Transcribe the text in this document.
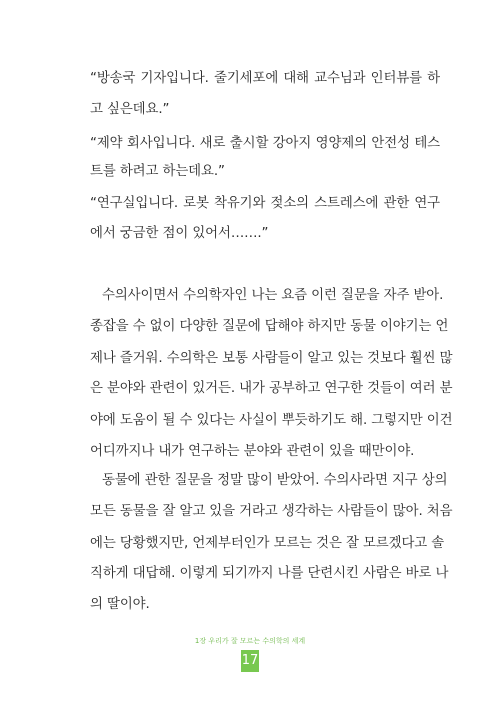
“방송국 기자입니다. 줄기세포에 대해 교수님과 인터뷰를 하
고 싶은데요.”
“제약 회사입니다. 새로 출시할 강아지 영양제의 안전성 테스
트를 하려고 하는데요.”
“연구실입니다. 로봇 착유기와 젖소의 스트레스에 관한 연구
에서 궁금한 점이 있어서…….”
수의사이면서 수의학자인 나는 요즘 이런 질문을 자주 받아.
종잡을 수 없이 다양한 질문에 답해야 하지만 동물 이야기는 언
제나 즐거워. 수의학은 보통 사람들이 알고 있는 것보다 훨씬 많
은 분야와 관련이 있거든. 내가 공부하고 연구한 것들이 여러 분
야에 도움이 될 수 있다는 사실이 뿌듯하기도 해. 그렇지만 이건
어디까지나 내가 연구하는 분야와 관련이 있을 때만이야.
동물에 관한 질문을 정말 많이 받았어. 수의사라면 지구 상의
모든 동물을 잘 알고 있을 거라고 생각하는 사람들이 많아. 처음
에는 당황했지만, 언제부터인가 모르는 것은 잘 모르겠다고 솔
직하게 대답해. 이렇게 되기까지 나를 단련시킨 사람은 바로 나
의 딸이야.
1장 우리가 잘 모르는 수의학의 세계
17
